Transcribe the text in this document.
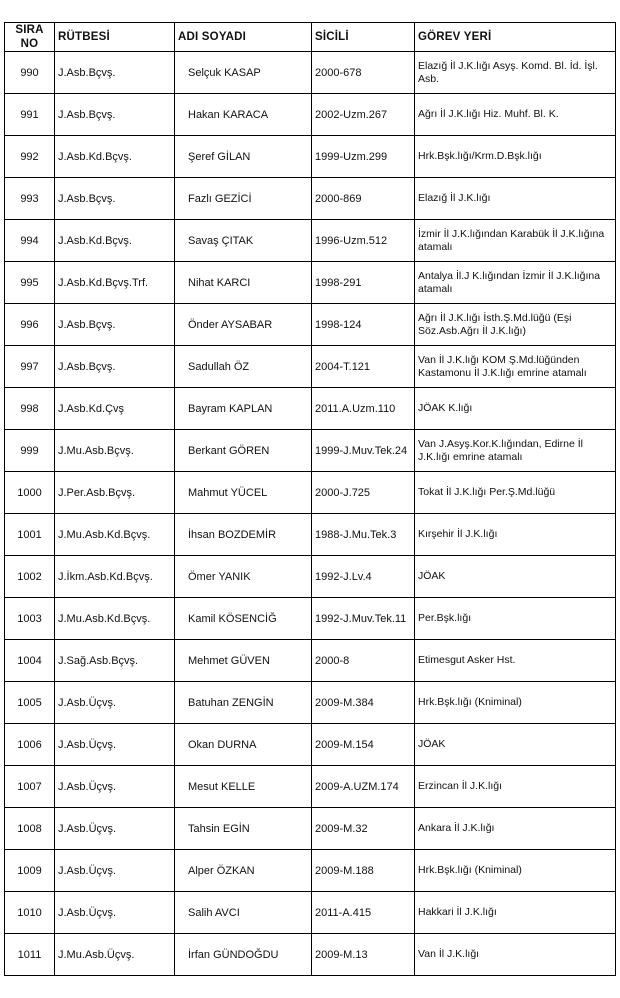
SIRA NO	RÜTBESİ	ADI SOYADI	SİCİLİ	GÖREV YERİ
990	J.Asb.Bçvş.	Selçuk KASAP	2000-678	Elazığ İl J.K.lığı Asyş. Komd. Bl. İd. İşl. Asb.
991	J.Asb.Bçvş.	Hakan KARACA	2002-Uzm.267	Ağrı İl J.K.lığı Hiz. Muhf. Bl. K.
992	J.Asb.Kd.Bçvş.	Şeref GİLAN	1999-Uzm.299	Hrk.Bşk.lığı/Krm.D.Bşk.lığı
993	J.Asb.Bçvş.	Fazlı GEZİCİ	2000-869	Elazığ İl J.K.lığı
994	J.Asb.Kd.Bçvş.	Savaş ÇITAK	1996-Uzm.512	İzmir İl J.K.lığından Karabük İl J.K.lığına atamalı
995	J.Asb.Kd.Bçvş.Trf.	Nihat KARCI	1998-291	Antalya İl.J K.lığından İzmir İl J.K.lığına atamalı
996	J.Asb.Bçvş.	Önder AYSABAR	1998-124	Ağrı İl J.K.lığı İsth.Ş.Md.lüğü (Eşi Söz.Asb.Ağrı İl J.K.lığı)
997	J.Asb.Bçvş.	Sadullah ÖZ	2004-T.121	Van İl J.K.lığı KOM Ş.Md.lüğünden Kastamonu İl J.K.lığı emrine atamalı
998	J.Asb.Kd.Çvş	Bayram KAPLAN	2011.A.Uzm.110	JÖAK K.lığı
999	J.Mu.Asb.Bçvş.	Berkant GÖREN	1999-J.Muv.Tek.24	Van J.Asyş.Kor.K.lığından, Edirne İl J.K.lığı emrine atamalı
1000	J.Per.Asb.Bçvş.	Mahmut YÜCEL	2000-J.725	Tokat İl J.K.lığı Per.Ş.Md.lüğü
1001	J.Mu.Asb.Kd.Bçvş.	İhsan BOZDEMİR	1988-J.Mu.Tek.3	Kırşehir İl J.K.lığı
1002	J.İkm.Asb.Kd.Bçvş.	Ömer YANIK	1992-J.Lv.4	JÖAK
1003	J.Mu.Asb.Kd.Bçvş.	Kamil KÖSENCİĞ	1992-J.Muv.Tek.11	Per.Bşk.lığı
1004	J.Sağ.Asb.Bçvş.	Mehmet GÜVEN	2000-8	Etimesgut Asker Hst.
1005	J.Asb.Üçvş.	Batuhan ZENGİN	2009-M.384	Hrk.Bşk.lığı (Kniminal)
1006	J.Asb.Üçvş.	Okan DURNA	2009-M.154	JÖAK
1007	J.Asb.Üçvş.	Mesut KELLE	2009-A.UZM.174	Erzincan İl J.K.lığı
1008	J.Asb.Üçvş.	Tahsin EGİN	2009-M.32	Ankara İl J.K.lığı
1009	J.Asb.Üçvş.	Alper ÖZKAN	2009-M.188	Hrk.Bşk.lığı (Kniminal)
1010	J.Asb.Üçvş.	Salih AVCI	2011-A.415	Hakkari İl J.K.lığı
1011	J.Mu.Asb.Üçvş.	İrfan GÜNDOĞDU	2009-M.13	Van İl J.K.lığı
